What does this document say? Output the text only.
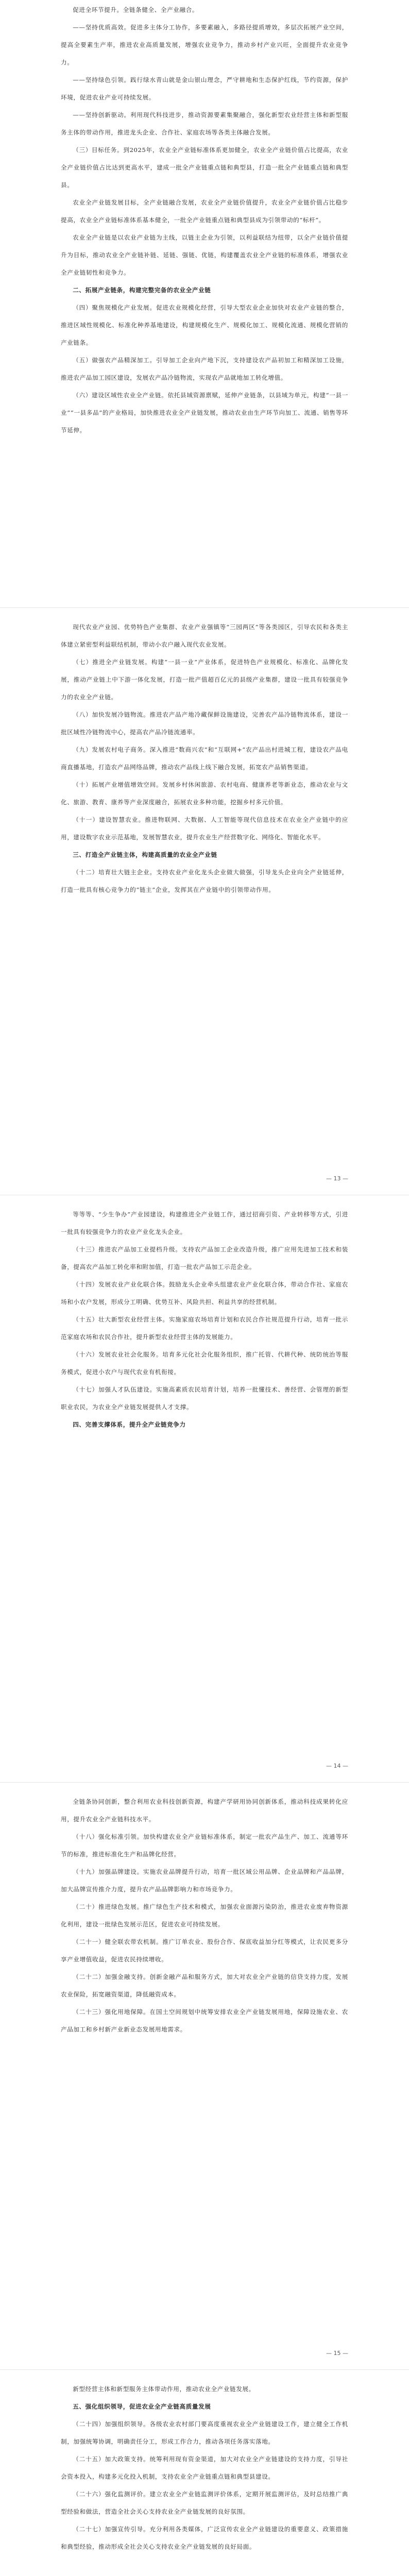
促进全环节提升。全链条健全、全产业融合。

——坚持优质高效。促进多主体分工协作，多要素融入，多路径提质增效，多层次拓展产业空间，提高全要素生产率，推进农业高质量发展，增强农业竞争力，推动乡村产业兴旺，全面提升农业竞争力。

——坚持绿色引领。践行绿水青山就是金山银山理念，严守耕地和生态保护红线，节约资源，保护环境，促进农业产业可持续发展。

——坚持创新驱动。利用现代科技进步，推动资源要素集聚融合，强化新型农业经营主体和新型服务主体的带动作用，推进龙头企业、合作社、家庭农场等各类主体融合发展。

（三）目标任务。到2025年，农业全产业链标准体系更加健全，农业全产业链价值占比提高，农业全产业链价值占比达到更高水平，建成一批全产业链重点链和典型县，打造一批全产业链重点链和典型县。

农业全产业链发展目标，全产业链融合发展，农业全产业链价值提升，农业全产业链价值占比稳步提高，农业全产业链标准体系基本健全，一批全产业链重点链和典型县成为引领带动的“标杆”。

农业全产业链是以农业产业链为主线，以链主企业为引领，以利益联结为纽带，以全产业链价值提升为目标，推动农业全产业链补链、延链、强链、优链，构建覆盖农业全产业链的标准体系，增强农业全产业链韧性和竞争力。

二、拓展产业链条，构建完整完备的农业全产业链

（四）聚焦规模化产业发展。促进农业规模化经营，引导大型农业企业加快对农业产业链的整合，推进区域性规模化、标准化种养基地建设，构建规模化生产、规模化加工、规模化流通、规模化营销的产业链条。

（五）做强农产品精深加工。引导加工企业向产地下沉，支持建设农产品初加工和精深加工设施，推进农产品加工园区建设，发展农产品冷链物流，实现农产品就地加工转化增值。

（六）建设区域性农业全产业链。依托县域资源禀赋，延伸产业链条，以县域为单元，构建“一县一业”“一县多品”的产业格局，加快推进农业全产业链发展，推动农业由生产环节向加工、流通、销售等环节延伸。

现代农业产业园、优势特色产业集群、农业产业强镇等“三园两区”等各类园区，引导农民和各类主体建立紧密型利益联结机制，带动小农户融入现代农业发展。

（七）推进全产业链发展。构建“一县一业”产业体系，促进特色产业规模化、标准化、品牌化发展，推动产业链上中下游一体化发展，打造一批产值超百亿元的县级产业集群，建设一批具有较强竞争力的农业全产业链。

（八）加快发展冷链物流。推进农产品产地冷藏保鲜设施建设，完善农产品冷链物流体系，建设一批区域性冷链物流中心，提高农产品冷链流通率。

（九）发展农村电子商务。深入推进“数商兴农”和“互联网+”农产品出村进城工程，建设农产品电商直播基地，打造农产品网络品牌，推动农产品线上线下融合发展，拓宽农产品销售渠道。

（十）拓展产业增值增效空间。发展乡村休闲旅游、农村电商、健康养老等新业态，推动农业与文化、旅游、教育、康养等产业深度融合，拓展农业多种功能，挖掘乡村多元价值。

（十一）建设智慧农业。推进物联网、大数据、人工智能等现代信息技术在农业全产业链中的应用，建设数字农业示范基地，发展智慧农业，提升农业生产经营数字化、网络化、智能化水平。

三、打造全产业链主体，构建高质量的农业全产业链

（十二）培育壮大链主企业。支持农业产业化龙头企业做大做强，引导龙头企业向全产业链延伸，打造一批具有核心竞争力的“链主”企业，发挥其在产业链中的引领带动作用。

— 13 —

等等等、“少生争办”产业园建设，构建推进全产业链工作，通过招商引资、产业转移等方式，引进一批具有较强竞争力的农业产业化龙头企业。

（十三）推进农产品加工业提档升级。支持农产品加工企业改造升级，推广应用先进加工技术和装备，提高农产品加工转化率和附加值，打造一批农产品加工示范企业。

（十四）发展农业产业化联合体。鼓励龙头企业牵头组建农业产业化联合体，带动合作社、家庭农场和小农户发展，形成分工明确、优势互补、风险共担、利益共享的经营机制。

（十五）壮大新型农业经营主体。实施家庭农场培育计划和农民合作社规范提升行动，培育一批示范家庭农场和农民合作社，提升新型农业经营主体的发展能力。

（十六）发展农业社会化服务。培育多元化社会化服务组织，推广托管、代耕代种、统防统治等服务模式，促进小农户与现代农业有机衔接。

（十七）加强人才队伍建设。实施高素质农民培育计划，培养一批懂技术、善经营、会管理的新型职业农民，为农业全产业链发展提供人才支撑。

四、完善支撑体系，提升全产业链竞争力
— 14 —

全链条协同创新，整合利用农业科技创新资源，构建产学研用协同创新体系，推动科技成果转化应用，提升农业全产业链科技水平。

（十八）强化标准引领。加快构建农业全产业链标准体系，制定一批农产品生产、加工、流通等环节的标准，推进标准化生产和品牌化经营。

（十九）加强品牌建设。实施农业品牌提升行动，培育一批区域公用品牌、企业品牌和产品品牌，加大品牌宣传推介力度，提升农产品品牌影响力和市场竞争力。

（二十）推进绿色发展。推广绿色生产技术和模式，加强农业面源污染防治，推进农业废弃物资源化利用，建设一批绿色发展示范区，促进农业可持续发展。

（二十一）健全联农带农机制。推广订单农业、股份合作、保底收益加分红等模式，让农民更多分享产业增值收益，促进农民持续增收。

（二十二）加强金融支持。创新金融产品和服务方式，加大对农业全产业链的信贷支持力度，发展农业保险，拓宽融资渠道，降低融资成本。

（二十三）强化用地保障。在国土空间规划中统筹安排农业全产业链发展用地，保障设施农业、农产品加工和乡村新产业新业态发展用地需求。

— 15 —

新型经营主体和新型服务主体带动作用，推动农业全产业链发展。

五、强化组织领导，促进农业全产业链高质量发展

（二十四）加强组织领导。各级农业农村部门要高度重视农业全产业链建设工作，建立健全工作机制，加强统筹协调，明确责任分工，形成工作合力，推动各项任务落实落地。

（二十五）加大政策支持。统筹利用现有资金渠道，加大对农业全产业链建设的支持力度，引导社会资本投入，构建多元化投入机制，支持农业全产业链重点链和典型县建设。

（二十六）强化监测评价。建立农业全产业链监测评价体系，定期开展监测评估，及时总结推广典型经验和做法，营造全社会关心支持农业全产业链发展的良好氛围。

（二十七）加强宣传引导。充分利用各类媒体，广泛宣传农业全产业链建设的重要意义、政策措施和典型经验，推动形成全社会关心支持农业全产业链发展的良好局面。
